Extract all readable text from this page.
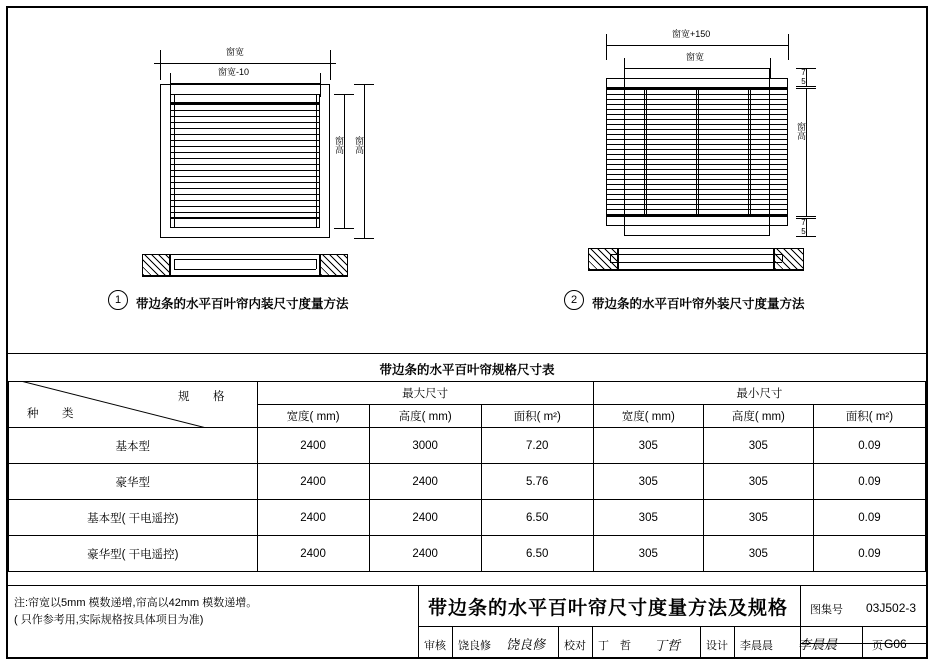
窗宽
窗宽-10
窗高 窗高
1	带边条的水平百叶帘内装尺寸度量方法
窗宽+150
窗宽
75
窗高
75
2	带边条的水平百叶帘外装尺寸度量方法
带边条的水平百叶帘规格尺寸表
规　格
种　类	最大尺寸			最小尺寸		
	宽度( mm)	高度( mm)	面积( m²)	宽度( mm)	高度( mm)	面积( m²)
基本型	2400	3000	7.20	305	305	0.09
豪华型	2400	2400	5.76	305	305	0.09
基本型( 干电遥控)	2400	2400	6.50	305	305	0.09
豪华型( 干电遥控)	2400	2400	6.50	305	305	0.09
注:帘宽以5mm 模数递增,帘高以42mm 模数递增。
( 只作参考用,实际规格按具体项目为准)
带边条的水平百叶帘尺寸度量方法及规格	图集号 03J502-3
审核 饶良修 饶良修 校对 丁　哲 丁哲 设计 李晨晨 李晨晨	页 G06
